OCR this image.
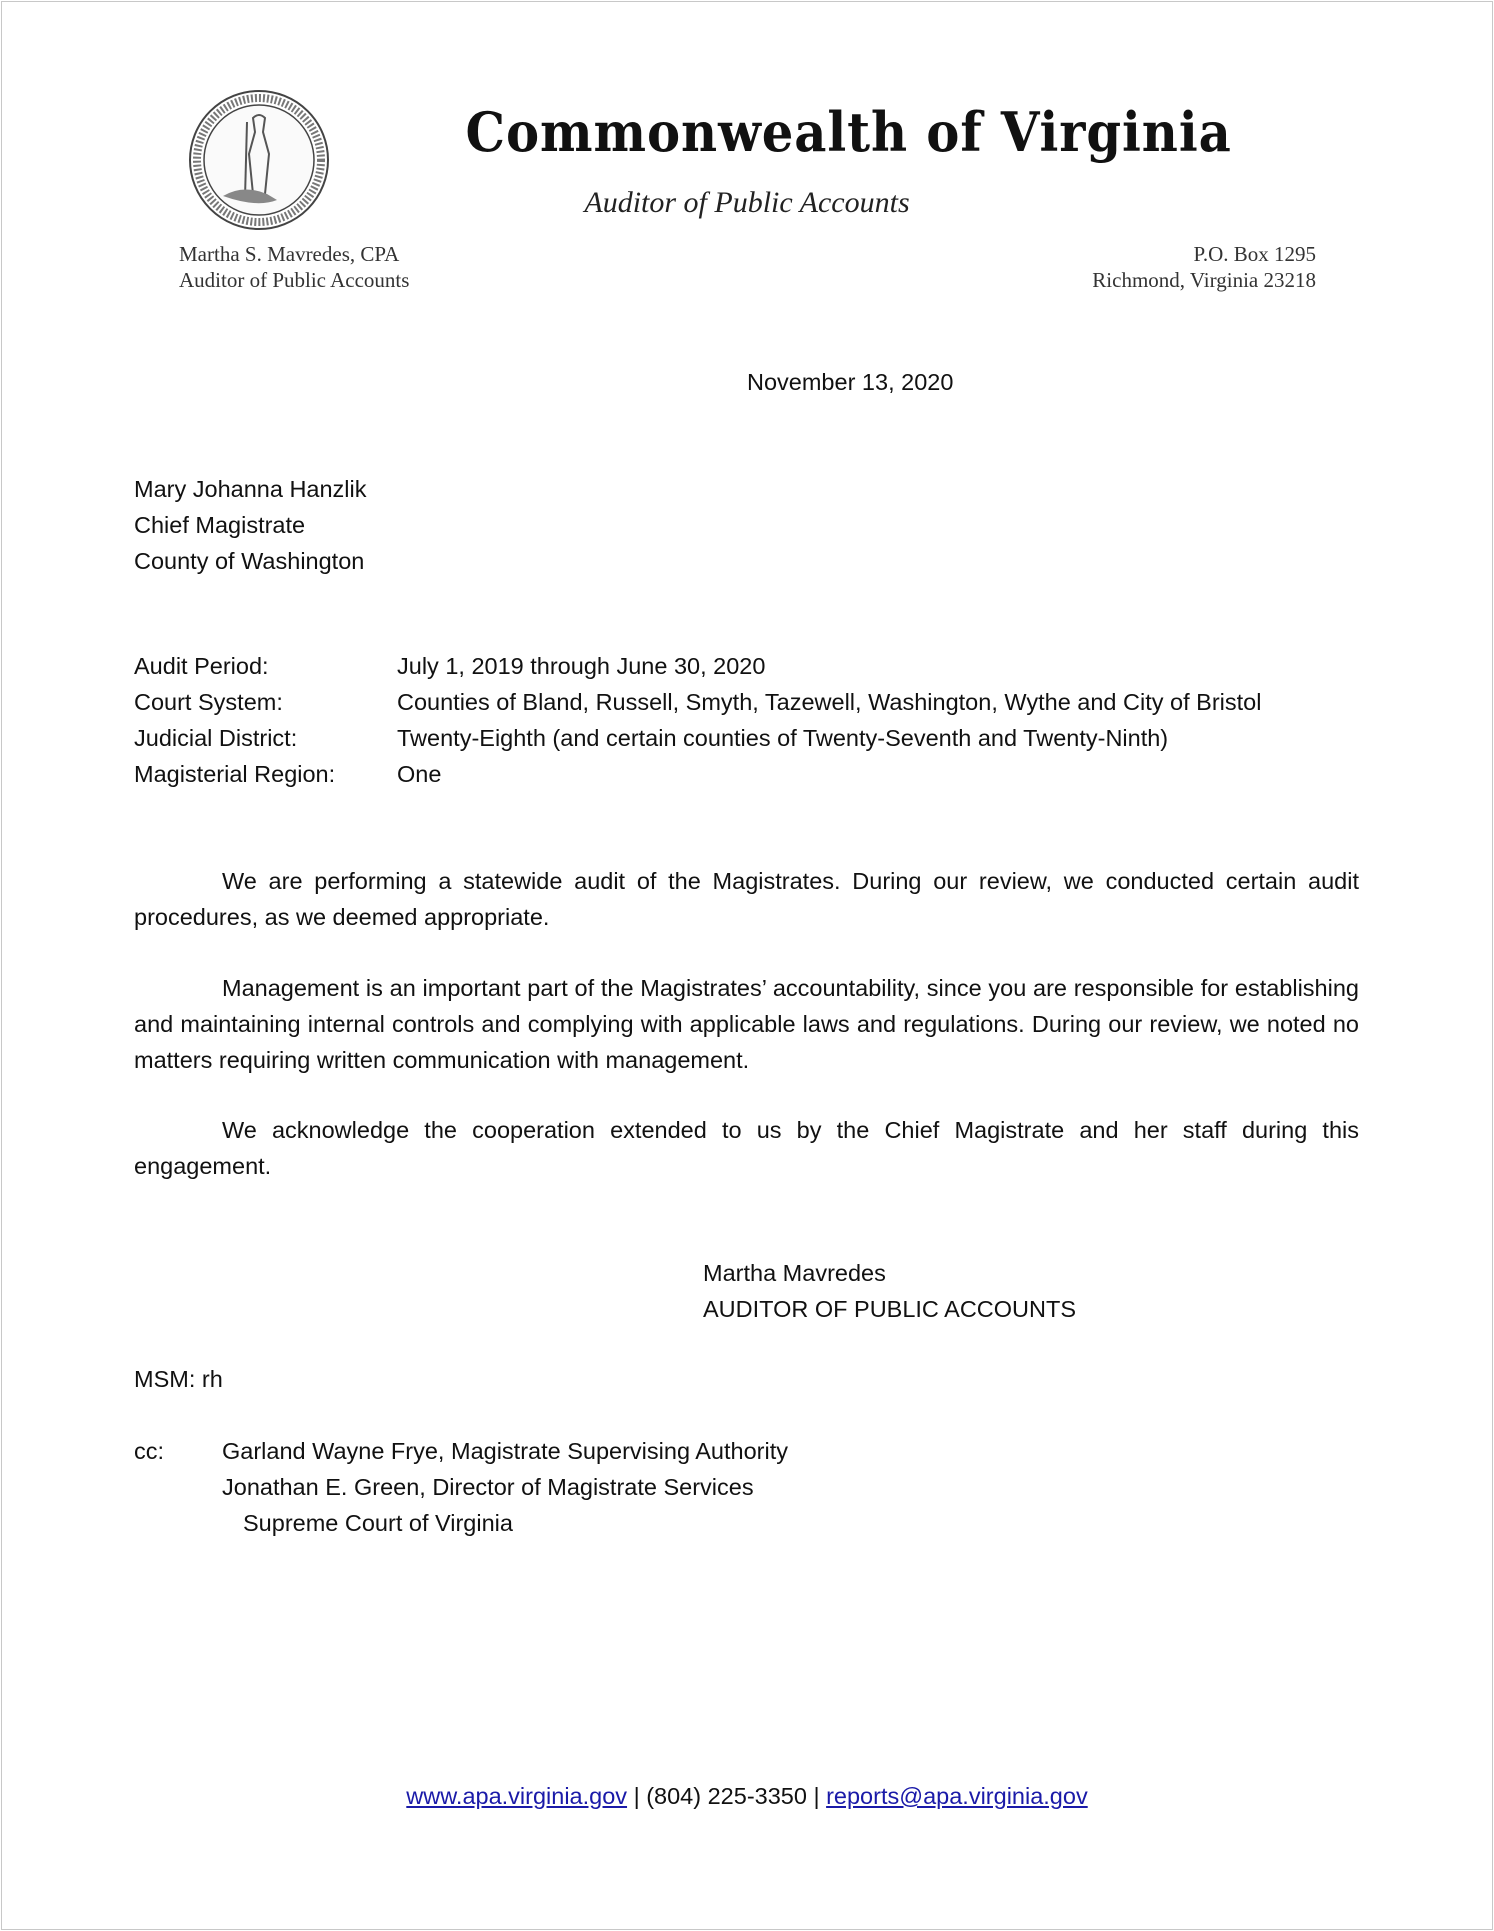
Commonwealth of Virginia
Auditor of Public Accounts
Martha S. Mavredes, CPA
Auditor of Public Accounts
P.O. Box 1295
Richmond, Virginia 23218
November 13, 2020
Mary Johanna Hanzlik
Chief Magistrate
County of Washington
Audit Period:	July 1, 2019 through June 30, 2020
Court System:	Counties of Bland, Russell, Smyth, Tazewell, Washington, Wythe and City of Bristol
Judicial District:	Twenty-Eighth (and certain counties of Twenty-Seventh and Twenty-Ninth)
Magisterial Region:	One
We are performing a statewide audit of the Magistrates. During our review, we conducted certain audit procedures, as we deemed appropriate.
Management is an important part of the Magistrates’ accountability, since you are responsible for establishing and maintaining internal controls and complying with applicable laws and regulations. During our review, we noted no matters requiring written communication with management.
We acknowledge the cooperation extended to us by the Chief Magistrate and her staff during this engagement.
Martha Mavredes
AUDITOR OF PUBLIC ACCOUNTS
MSM: rh
cc: Garland Wayne Frye, Magistrate Supervising Authority
Jonathan E. Green, Director of Magistrate Services
Supreme Court of Virginia
www.apa.virginia.gov | (804) 225-3350 | reports@apa.virginia.gov
